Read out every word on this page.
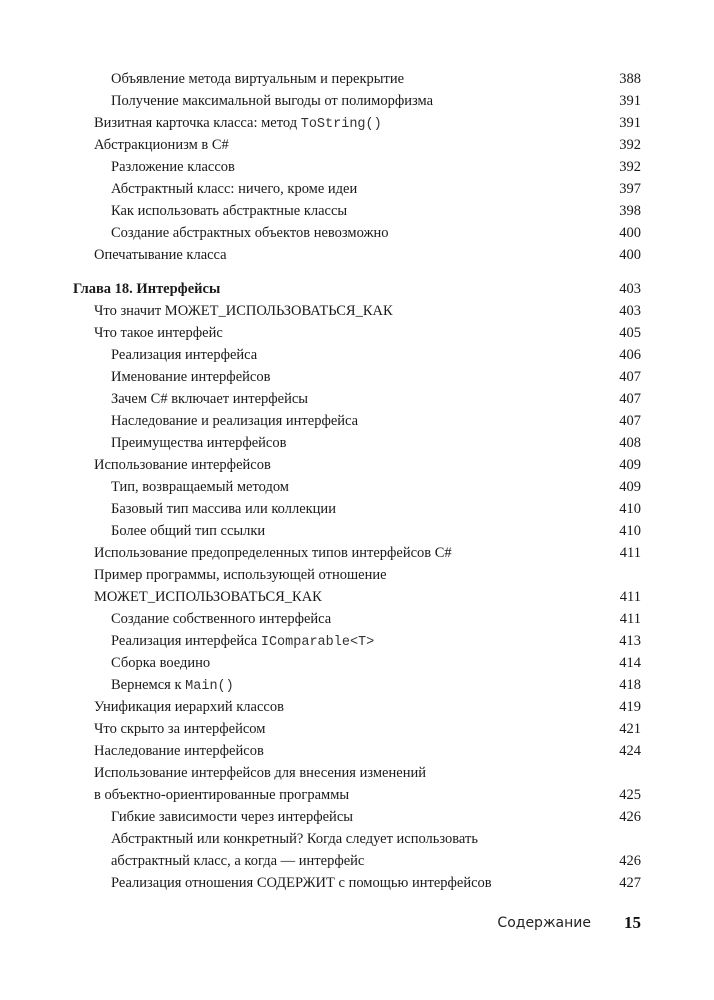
Объявление метода виртуальным и перекрытие	388
Получение максимальной выгоды от полиморфизма	391
Визитная карточка класса: метод ToString()	391
Абстракционизм в C#	392
Разложение классов	392
Абстрактный класс: ничего, кроме идеи	397
Как использовать абстрактные классы	398
Создание абстрактных объектов невозможно	400
Опечатывание класса	400
Глава 18. Интерфейсы	403
Что значит МОЖЕТ_ИСПОЛЬЗОВАТЬСЯ_КАК	403
Что такое интерфейс	405
Реализация интерфейса	406
Именование интерфейсов	407
Зачем C# включает интерфейсы	407
Наследование и реализация интерфейса	407
Преимущества интерфейсов	408
Использование интерфейсов	409
Тип, возвращаемый методом	409
Базовый тип массива или коллекции	410
Более общий тип ссылки	410
Использование предопределенных типов интерфейсов C#	411
Пример программы, использующей отношение
МОЖЕТ_ИСПОЛЬЗОВАТЬСЯ_КАК	411
Создание собственного интерфейса	411
Реализация интерфейса IComparable<T>	413
Сборка воедино	414
Вернемся к Main()	418
Унификация иерархий классов	419
Что скрыто за интерфейсом	421
Наследование интерфейсов	424
Использование интерфейсов для внесения изменений
в объектно-ориентированные программы	425
Гибкие зависимости через интерфейсы	426
Абстрактный или конкретный? Когда следует использовать
абстрактный класс, а когда — интерфейс	426
Реализация отношения СОДЕРЖИТ с помощью интерфейсов	427
Содержание 15
